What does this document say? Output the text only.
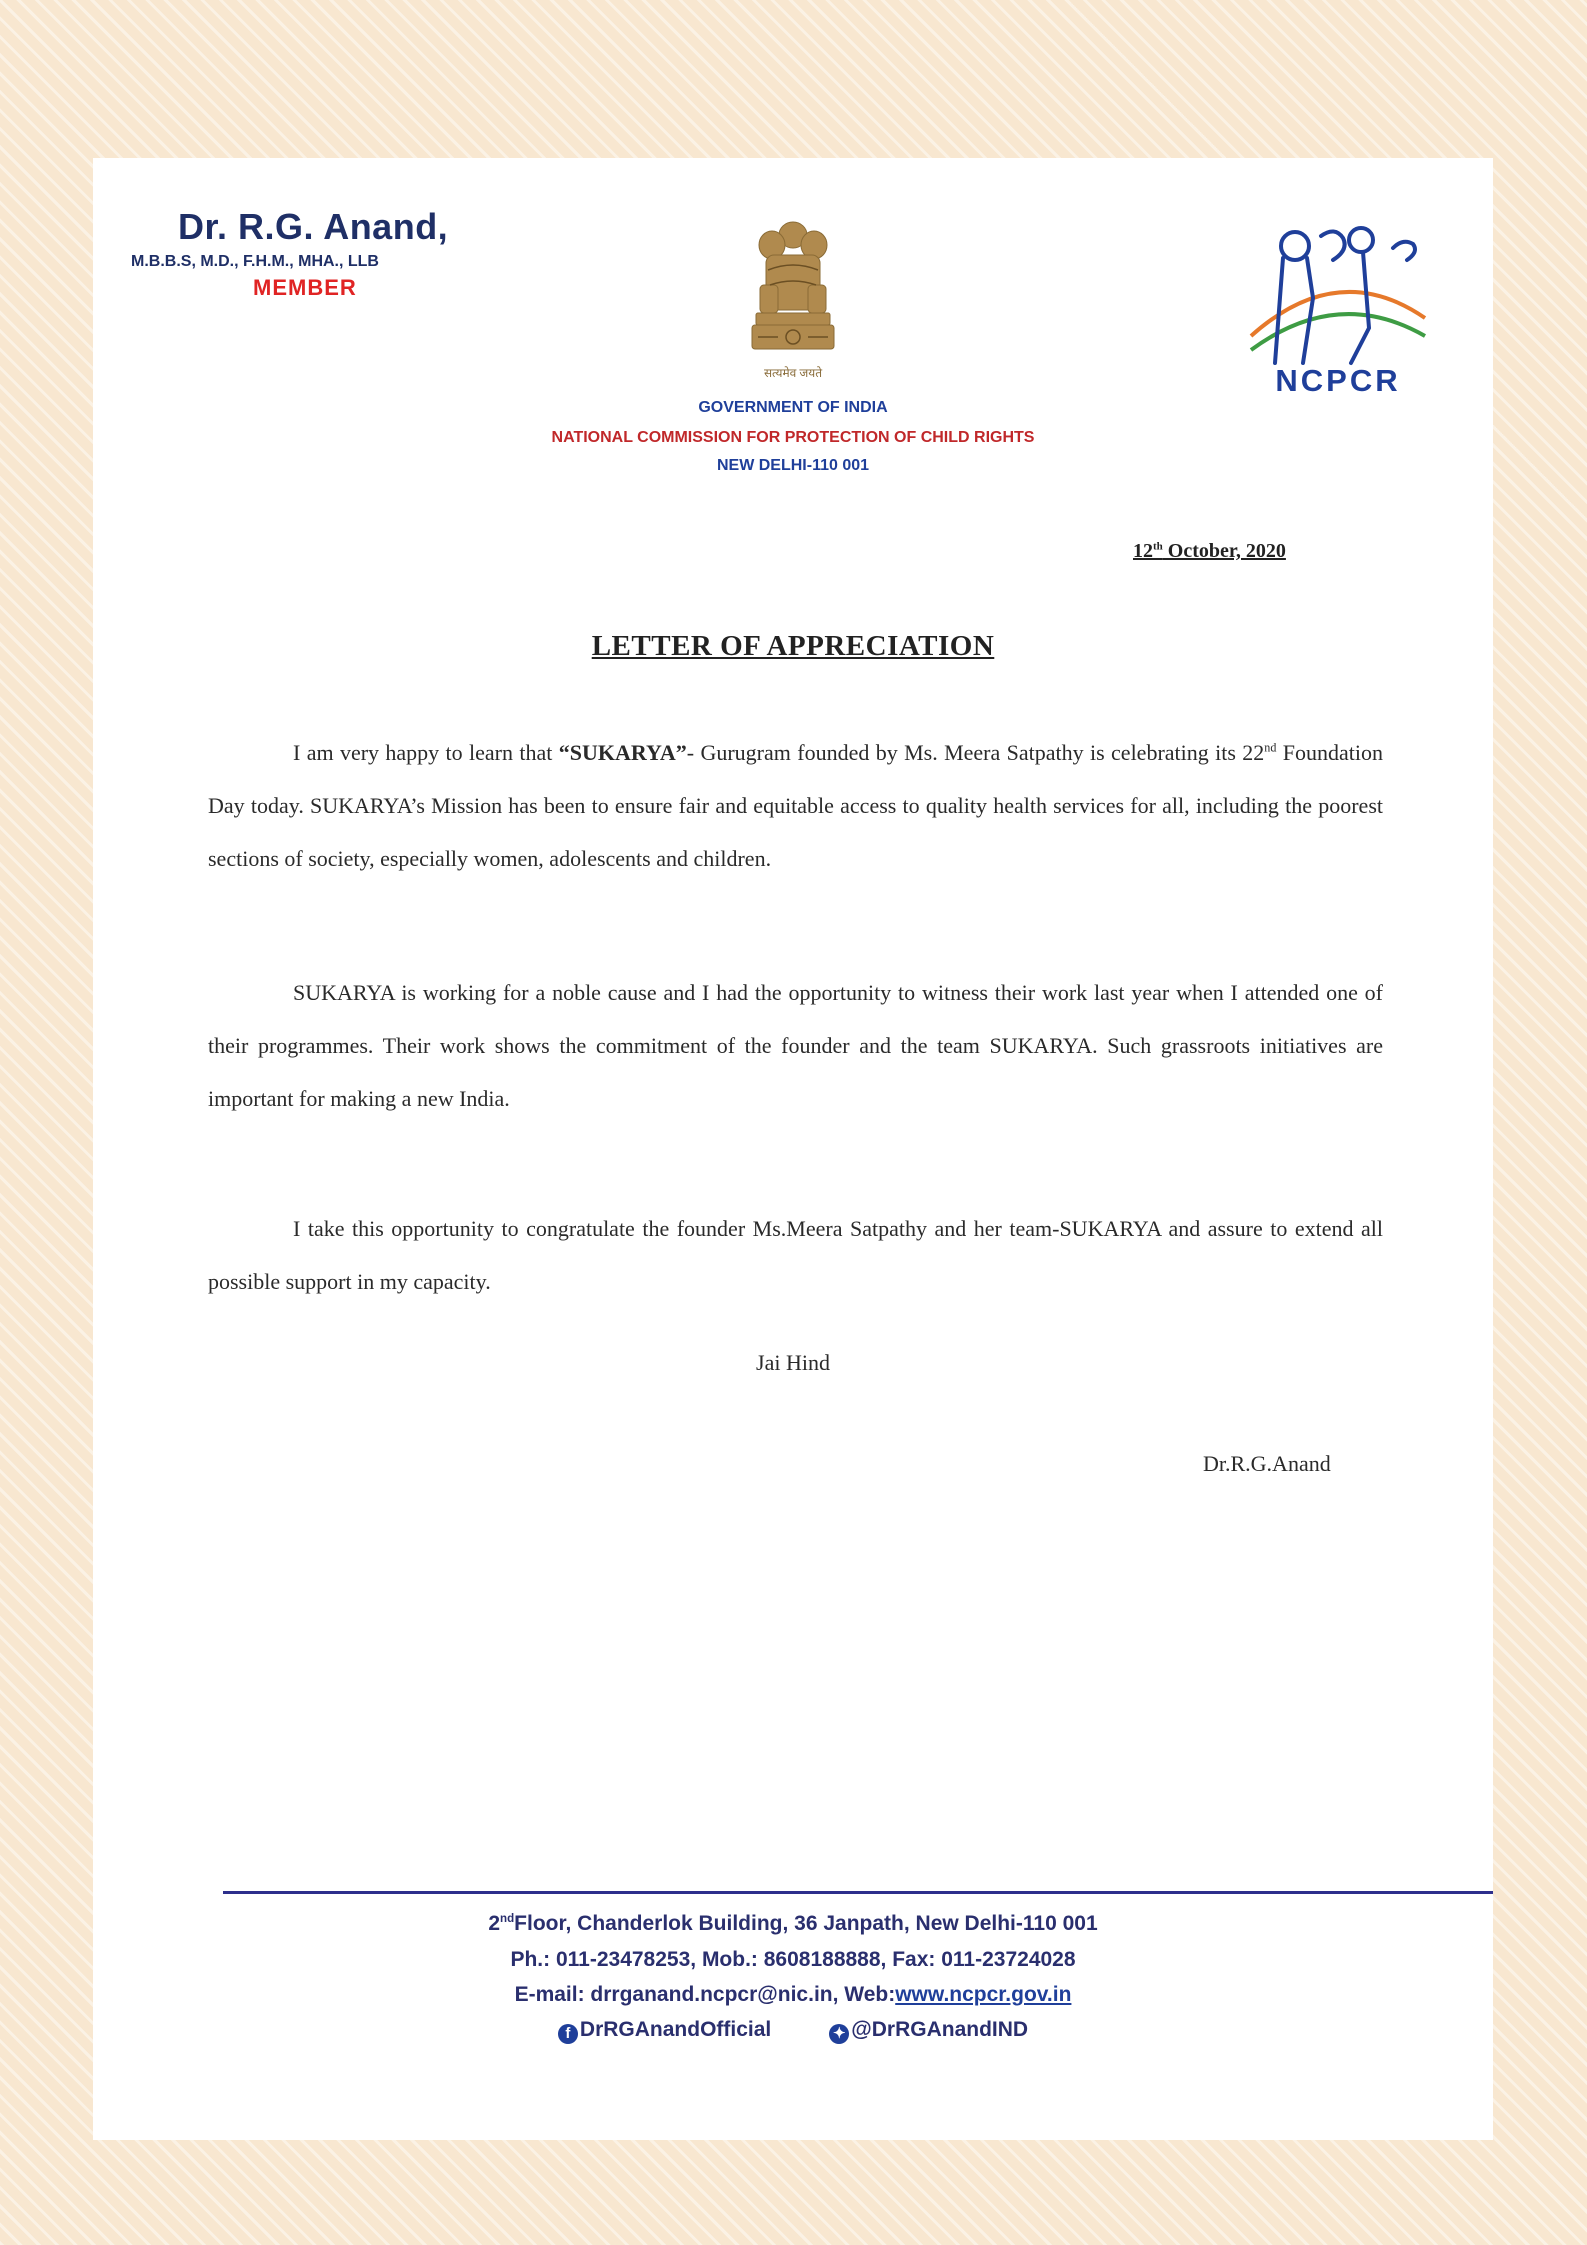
Dr. R.G. Anand,
M.B.B.S, M.D., F.H.M., MHA., LLB
MEMBER
सत्यमेव जयते	NCPCR
GOVERNMENT OF INDIA
NATIONAL COMMISSION FOR PROTECTION OF CHILD RIGHTS
NEW DELHI-110 001
12th October, 2020
LETTER OF APPRECIATION
I am very happy to learn that “SUKARYA”- Gurugram founded by Ms. Meera Satpathy is celebrating its 22nd Foundation Day today. SUKARYA’s Mission has been to ensure fair and equitable access to quality health services for all, including the poorest sections of society, especially women, adolescents and children.
SUKARYA is working for a noble cause and I had the opportunity to witness their work last year when I attended one of their programmes. Their work shows the commitment of the founder and the team SUKARYA. Such grassroots initiatives are important for making a new India.
I take this opportunity to congratulate the founder Ms.Meera Satpathy and her team-SUKARYA and assure to extend all possible support in my capacity.
Jai Hind
Dr.R.G.Anand
2ndFloor, Chanderlok Building, 36 Janpath, New Delhi-110 001
Ph.: 011-23478253, Mob.: 8608188888, Fax: 011-23724028
E-mail: drrganand.ncpcr@nic.in, Web:www.ncpcr.gov.in
f DrRGAnandOfficial	✦ @DrRGAnandIND
